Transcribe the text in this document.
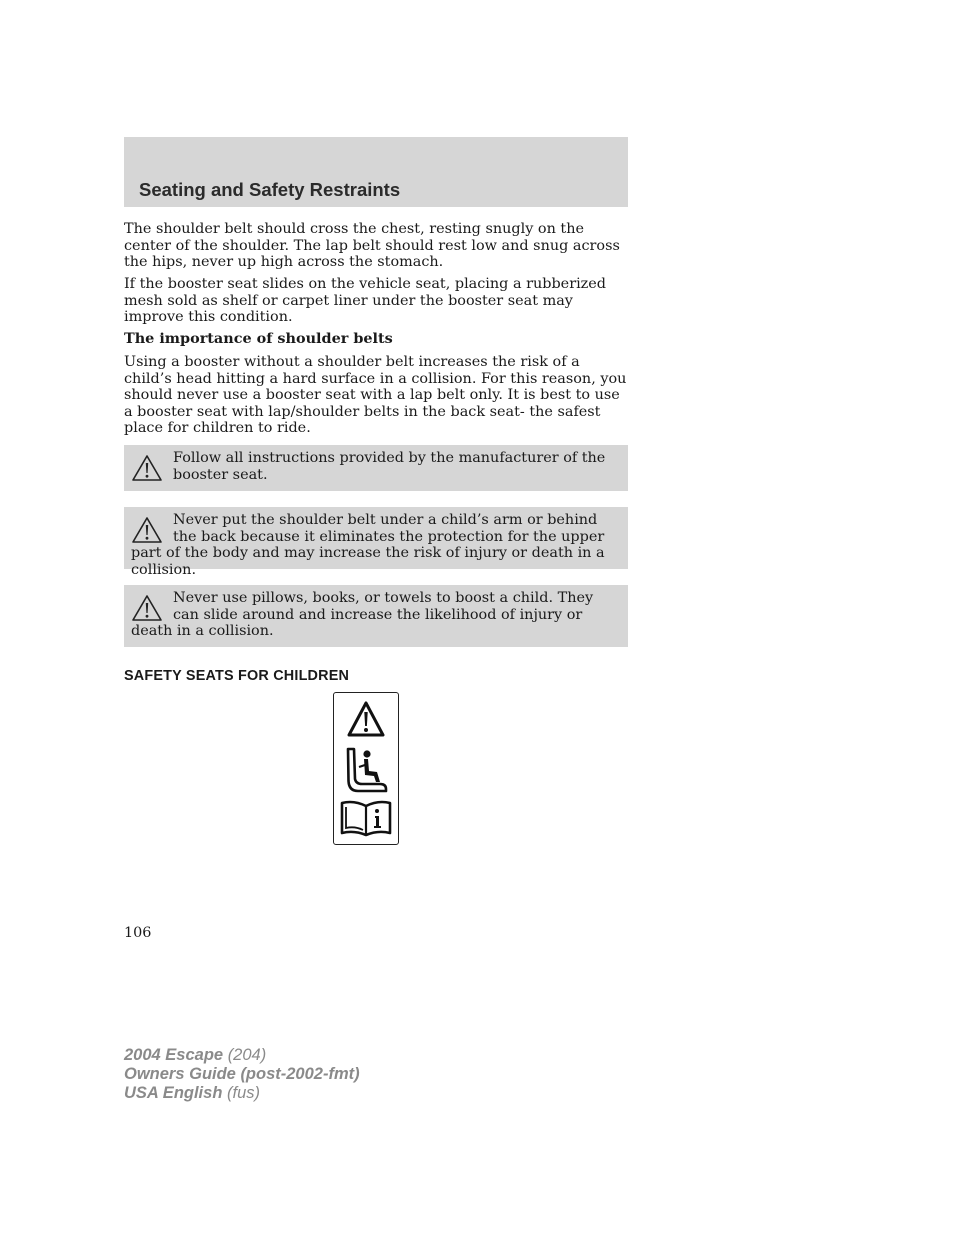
Seating and Safety Restraints

The shoulder belt should cross the chest, resting snugly on the center of the shoulder. The lap belt should rest low and snug across the hips, never up high across the stomach.

If the booster seat slides on the vehicle seat, placing a rubberized mesh sold as shelf or carpet liner under the booster seat may improve this condition.

The importance of shoulder belts

Using a booster without a shoulder belt increases the risk of a child’s head hitting a hard surface in a collision. For this reason, you should never use a booster seat with a lap belt only. It is best to use a booster seat with lap/shoulder belts in the back seat- the safest place for children to ride.

Follow all instructions provided by the manufacturer of the booster seat.
Never put the shoulder belt under a child’s arm or behind the back because it eliminates the protection for the upper part of the body and may increase the risk of injury or death in a collision.
Never use pillows, books, or towels to boost a child. They can slide around and increase the likelihood of injury or death in a collision.
SAFETY SEATS FOR CHILDREN
106
2004 Escape (204)
Owners Guide (post-2002-fmt)
USA English (fus)
